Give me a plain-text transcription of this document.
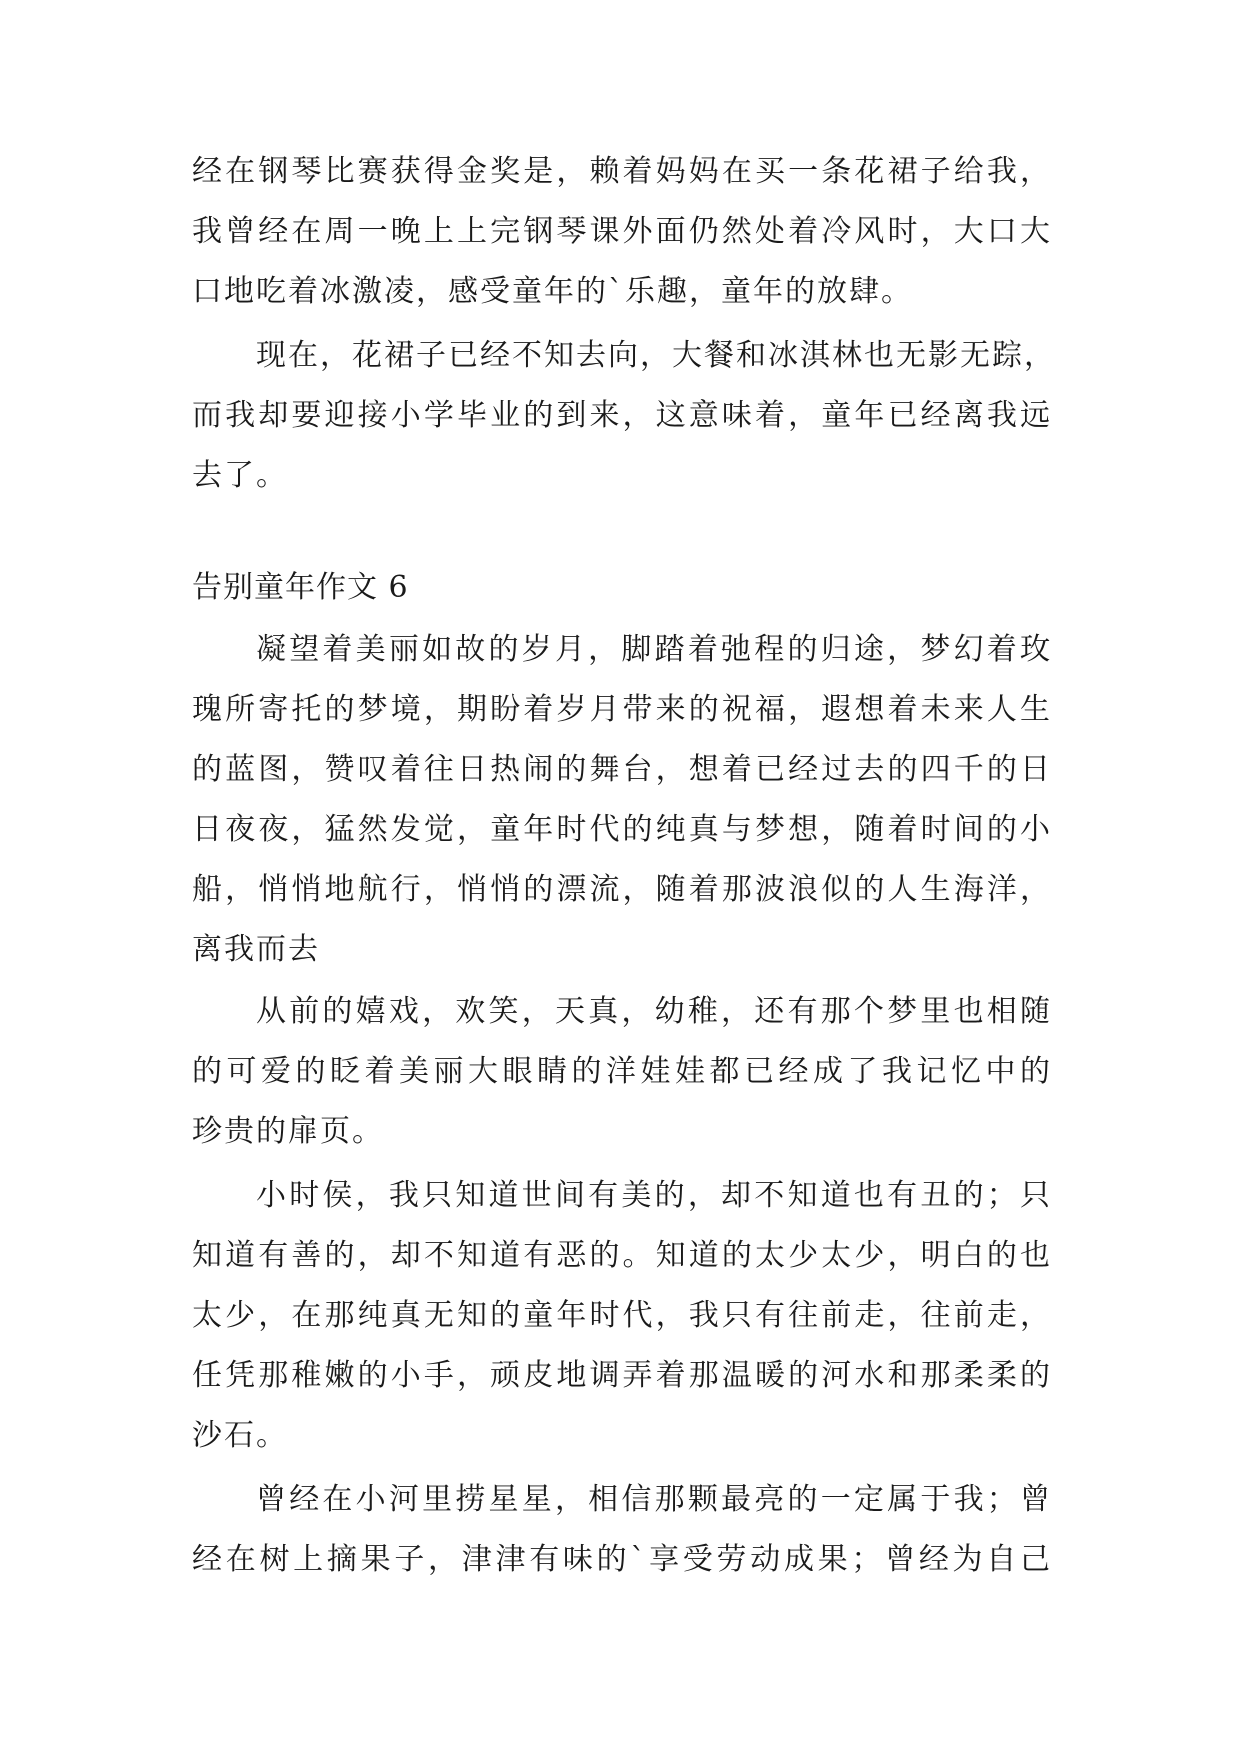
经在钢琴比赛获得金奖是，赖着妈妈在买一条花裙子给我，
我曾经在周一晚上上完钢琴课外面仍然处着冷风时，大口大
口地吃着冰激凌，感受童年的`乐趣，童年的放肆。
现在，花裙子已经不知去向，大餐和冰淇林也无影无踪，
而我却要迎接小学毕业的到来，这意味着，童年已经离我远
去了。
告别童年作文 6
凝望着美丽如故的岁月，脚踏着弛程的归途，梦幻着玫
瑰所寄托的梦境，期盼着岁月带来的祝福，遐想着未来人生
的蓝图，赞叹着往日热闹的舞台，想着已经过去的四千的日
日夜夜，猛然发觉，童年时代的纯真与梦想，随着时间的小
船，悄悄地航行，悄悄的漂流，随着那波浪似的人生海洋，
离我而去
从前的嬉戏，欢笑，天真，幼稚，还有那个梦里也相随
的可爱的眨着美丽大眼睛的洋娃娃都已经成了我记忆中的
珍贵的扉页。
小时侯，我只知道世间有美的，却不知道也有丑的；只
知道有善的，却不知道有恶的。知道的太少太少，明白的也
太少，在那纯真无知的童年时代，我只有往前走，往前走，
任凭那稚嫩的小手，顽皮地调弄着那温暖的河水和那柔柔的
沙石。
曾经在小河里捞星星，相信那颗最亮的一定属于我；曾
经在树上摘果子，津津有味的`享受劳动成果；曾经为自己
